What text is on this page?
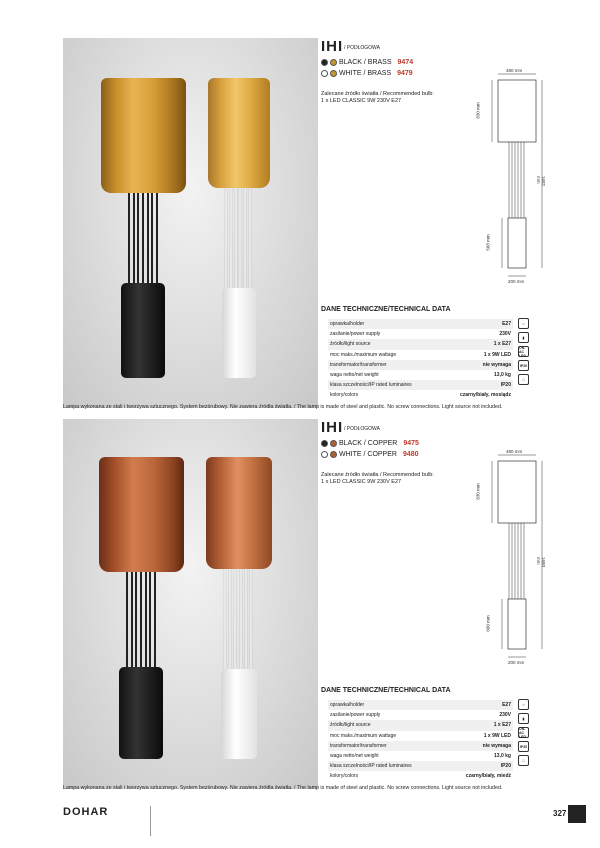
IHI / PODŁOGOWA
BLACK / BRASS 9474
WHITE / BRASS 9479
Zalecane źródło światła / Recommended bulb:
1 x LED CLASSIC 9W 230V E27
480 mm
830 mm
1682 mm
568 mm
200 mm
DANE TECHNICZNE/TECHNICAL DATA
oprawka/holder	E27
zasilanie/power supply	230V
źródło/light source	1 x E27
moc maks./maximum wattage	1 x 9W LED
transformator/transformer	nie wymaga
waga netto/net weight	13,0 kg
klasa szczelności/IP rated luminaires	IP20
kolory/colors	czarny/biały, mosiądz
⌂
▮
ON-AC LED
IP20
□
Lampa wykonana ze stali i tworzywa sztucznego. System bezśrubowy. Nie zawiera źródła światła. / The lamp is made of steel and plastic. No screw connections. Light source not included.
IHI / PODŁOGOWA
BLACK / COPPER 9475
WHITE / COPPER 9480
Zalecane źródło światła / Recommended bulb:
1 x LED CLASSIC 9W 230V E27
480 mm
830 mm
1680 mm
600 mm
200 mm
DANE TECHNICZNE/TECHNICAL DATA
oprawka/holder	E27
zasilanie/power supply	230V
źródło/light source	1 x E27
moc maks./maximum wattage	1 x 9W LED
transformator/transformer	nie wymaga
waga netto/net weight	13,0 kg
klasa szczelności/IP rated luminaires	IP20
kolory/colors	czarny/biały, miedź
⌂
▮
ON-AC LED
IP20
□
Lampa wykonana ze stali i tworzywa sztucznego. System bezśrubowy. Nie zawiera źródła światła. / The lamp is made of steel and plastic. No screw connections. Light source not included.
DOHAR	327
